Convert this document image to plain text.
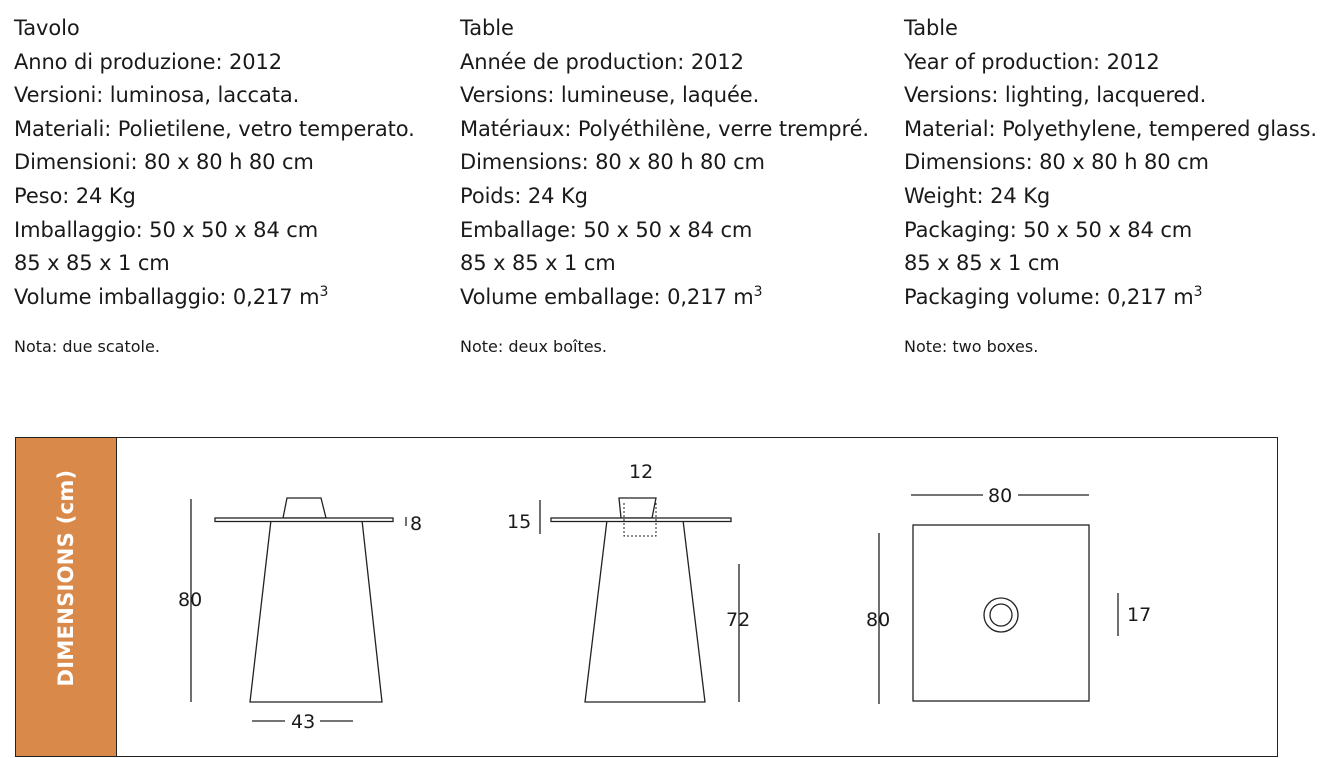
Tavolo
Anno di produzione: 2012
Versioni: luminosa, laccata.
Materiali: Polietilene, vetro temperato.
Dimensioni: 80 x 80 h 80 cm
Peso: 24 Kg
Imballaggio: 50 x 50 x 84 cm
85 x 85 x 1 cm
Volume imballaggio: 0,217 $m^3$
Nota: due scatole.
Table
Année de production: 2012
Versions: lumineuse, laquée.
Matériaux: Polyéthilène, verre trempré.
Dimensions: 80 x 80 h 80 cm
Poids: 24 Kg
Emballage: 50 x 50 x 84 cm
85 x 85 x 1 cm
Volume emballage: 0,217 $m^3$
Note: deux boîtes.
Table
Year of production: 2012
Versions: lighting, lacquered.
Material: Polyethylene, tempered glass.
Dimensions: 80 x 80 h 80 cm
Weight: 24 Kg
Packaging: 50 x 50 x 84 cm
85 x 85 x 1 cm
Packaging volume: 0,217 $m^3$
Note: two boxes.
DIMENSIONS (cm)	80
8
43
12
15
72
80
80	17
